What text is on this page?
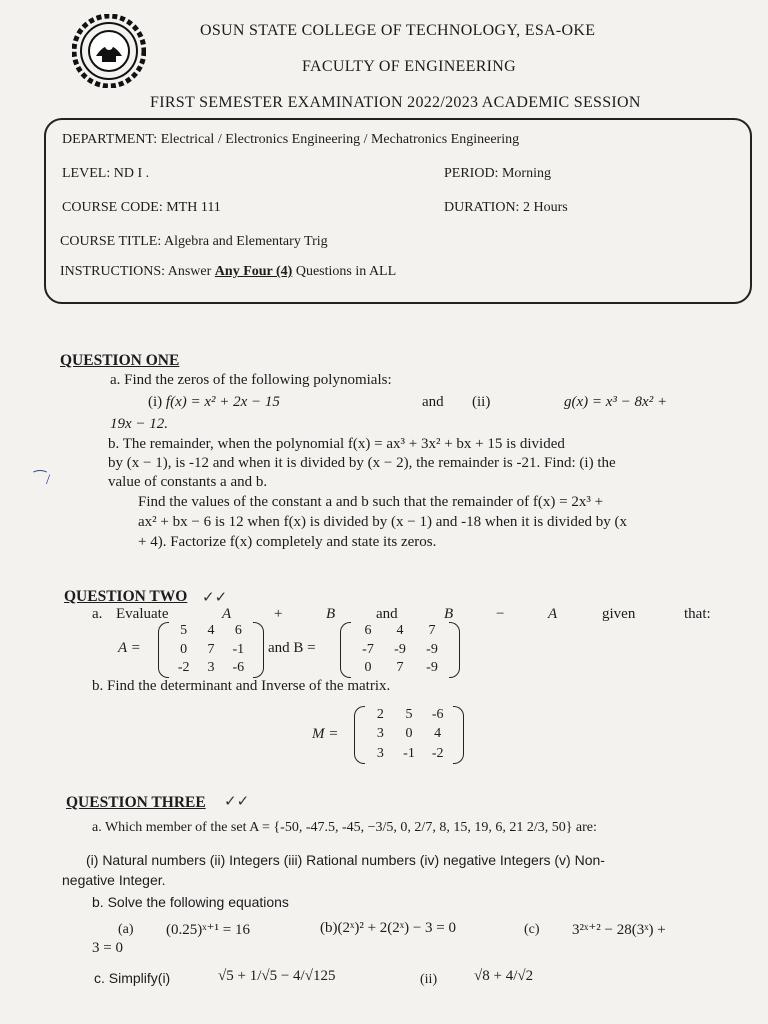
OSUN STATE COLLEGE OF TECHNOLOGY, ESA-OKE
FACULTY OF ENGINEERING
FIRST SEMESTER EXAMINATION 2022/2023 ACADEMIC SESSION
DEPARTMENT: Electrical / Electronics Engineering / Mechatronics Engineering
LEVEL: ND I .	PERIOD: Morning
COURSE CODE: MTH 111	DURATION: 2 Hours
COURSE TITLE: Algebra and Elementary Trig
INSTRUCTIONS: Answer Any Four (4) Questions in ALL
QUESTION ONE
a. Find the zeros of the following polynomials:
(i) f(x) = x² + 2x − 15	and (ii)	g(x) = x³ − 8x² +
19x − 12.
b. The remainder, when the polynomial f(x) = ax³ + 3x² + bx + 15 is divided
by (x − 1), is -12 and when it is divided by (x − 2), the remainder is -21. Find: (i) the
value of constants a and b.
⁀/
Find the values of the constant a and b such that the remainder of f(x) = 2x³ +
ax² + bx − 6 is 12 when f(x) is divided by (x − 1) and -18 when it is divided by (x
+ 4). Factorize f(x) completely and state its zeros.
QUESTION TWO ✓✓
a. Evaluate	A	+	B	and	B	−	A	given	that:
A =
5	4	6
0	7	-1
-2	3	-6
and B =
6	4	7
-7	-9	-9
0	7	-9
b. Find the determinant and Inverse of the matrix.
M =
2	5	-6
3	0	4
3	-1	-2
QUESTION THREE ✓✓
a. Which member of the set A = {-50, -47.5, -45, −3/5, 0, 2/7, 8, 15, 19, 6, 21 2/3, 50} are:
(i) Natural numbers (ii) Integers (iii) Rational numbers (iv) negative Integers (v) Non-
negative Integer.
b. Solve the following equations
(a) (0.25)ˣ⁺¹ = 16	(b)(2ˣ)² + 2(2ˣ) − 3 = 0	(c) 3²ˣ⁺² − 28(3ˣ) +
3 = 0
c. Simplify(i)	√5 + 1/√5 − 4/√125	(ii) √8 + 4/√2
